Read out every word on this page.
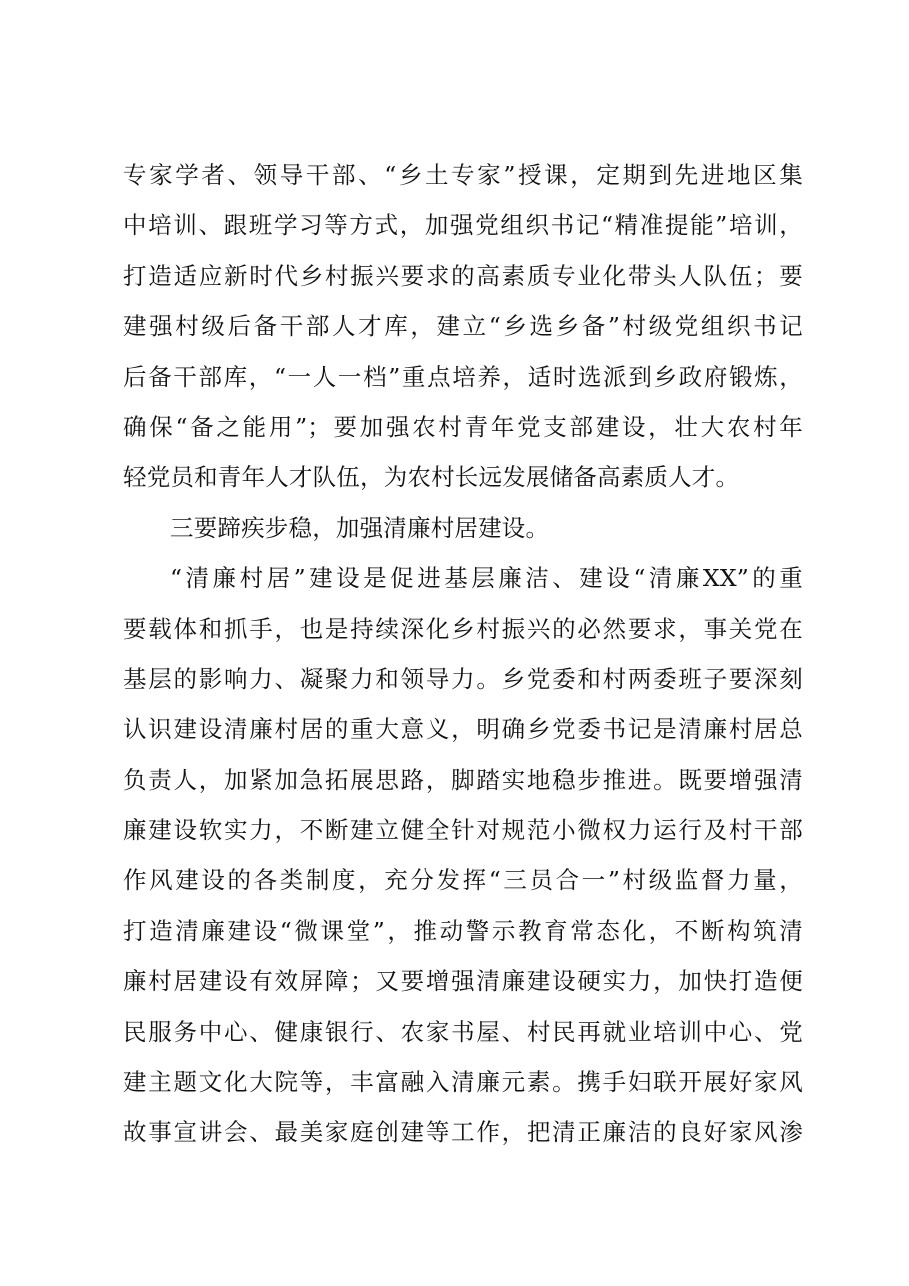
专家学者、领导干部、“乡土专家”授课，定期到先进地区集
中培训、跟班学习等方式，加强党组织书记“精准提能”培训，
打造适应新时代乡村振兴要求的高素质专业化带头人队伍；要
建强村级后备干部人才库，建立“乡选乡备”村级党组织书记
后备干部库，“一人一档”重点培养，适时选派到乡政府锻炼，
确保“备之能用”；要加强农村青年党支部建设，壮大农村年
轻党员和青年人才队伍，为农村长远发展储备高素质人才。
三要蹄疾步稳，加强清廉村居建设。
“清廉村居”建设是促进基层廉洁、建设“清廉XX”的重
要载体和抓手，也是持续深化乡村振兴的必然要求，事关党在
基层的影响力、凝聚力和领导力。乡党委和村两委班子要深刻
认识建设清廉村居的重大意义，明确乡党委书记是清廉村居总
负责人，加紧加急拓展思路，脚踏实地稳步推进。既要增强清
廉建设软实力，不断建立健全针对规范小微权力运行及村干部
作风建设的各类制度，充分发挥“三员合一”村级监督力量，
打造清廉建设“微课堂”，推动警示教育常态化，不断构筑清
廉村居建设有效屏障；又要增强清廉建设硬实力，加快打造便
民服务中心、健康银行、农家书屋、村民再就业培训中心、党
建主题文化大院等，丰富融入清廉元素。携手妇联开展好家风
故事宣讲会、最美家庭创建等工作，把清正廉洁的良好家风渗
